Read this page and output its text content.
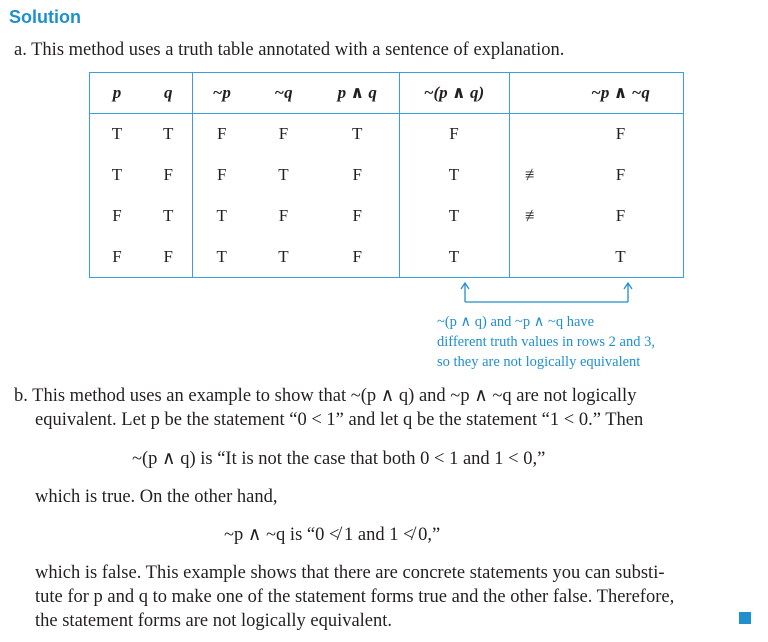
Solution
a. This method uses a truth table annotated with a sentence of explanation.
p	q	~p	~q	p ∧ q	~(p ∧ q)		~p ∧ ~q
T	T	F	F	T	F		F
T	F	F	T	F	T	≢	F
F	T	T	F	F	T	≢	F
F	F	T	T	F	T		T
~(p ∧ q) and ~p ∧ ~q have
different truth values in rows 2 and 3,
so they are not logically equivalent
b. This method uses an example to show that ~(p ∧ q) and ~p ∧ ~q are not logically
equivalent. Let p be the statement “0 < 1” and let q be the statement “1 < 0.” Then
~(p ∧ q) is “It is not the case that both 0 < 1 and 1 < 0,”
which is true. On the other hand,
~p ∧ ~q is “0 ≮ 1 and 1 ≮ 0,”
which is false. This example shows that there are concrete statements you can substi-
tute for p and q to make one of the statement forms true and the other false. Therefore,
the statement forms are not logically equivalent.
